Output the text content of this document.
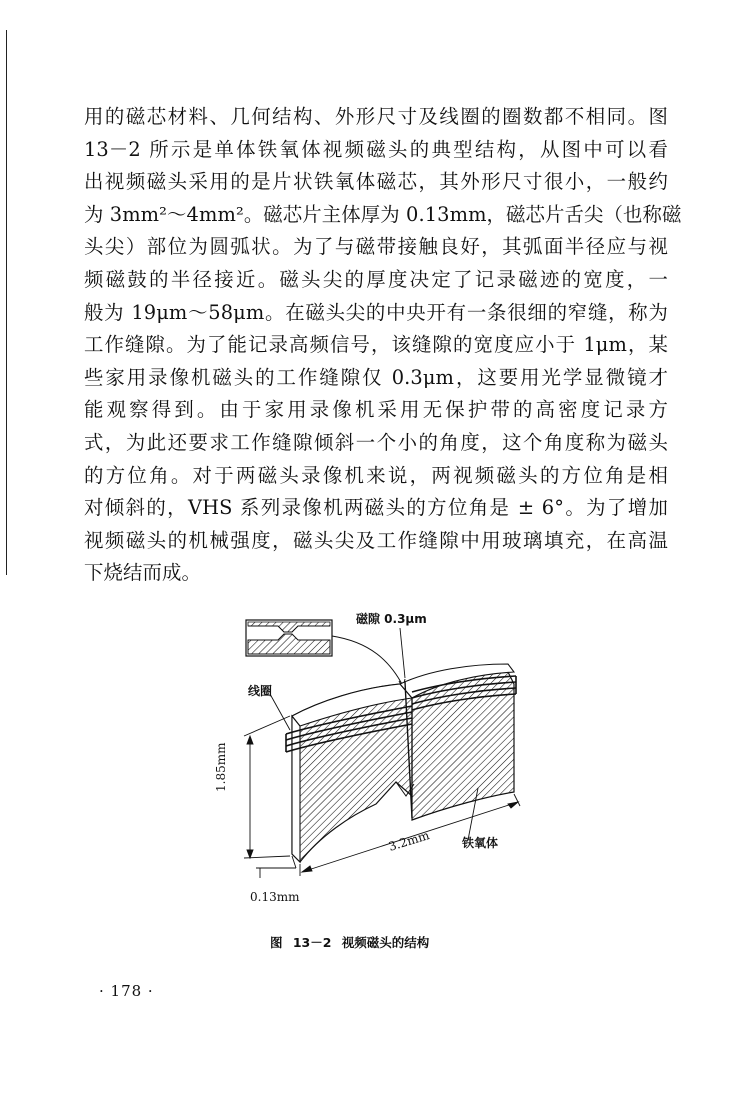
用的磁芯材料、几何结构、外形尺寸及线圈的圈数都不相同。图
13－2 所示是单体铁氧体视频磁头的典型结构，从图中可以看
出视频磁头采用的是片状铁氧体磁芯，其外形尺寸很小，一般约
为 3mm²～4mm²。磁芯片主体厚为 0.13mm，磁芯片舌尖（也称磁
头尖）部位为圆弧状。为了与磁带接触良好，其弧面半径应与视
频磁鼓的半径接近。磁头尖的厚度决定了记录磁迹的宽度，一
般为 19μm～58μm。在磁头尖的中央开有一条很细的窄缝，称为
工作缝隙。为了能记录高频信号，该缝隙的宽度应小于 1μm，某
些家用录像机磁头的工作缝隙仅 0.3μm，这要用光学显微镜才
能观察得到。由于家用录像机采用无保护带的高密度记录方
式，为此还要求工作缝隙倾斜一个小的角度，这个角度称为磁头
的方位角。对于两磁头录像机来说，两视频磁头的方位角是相
对倾斜的，VHS 系列录像机两磁头的方位角是 ± 6°。为了增加
视频磁头的机械强度，磁头尖及工作缝隙中用玻璃填充，在高温
下烧结而成。
磁隙 0.3μm
线圈
1.85mm
3.2mm	铁氧体
0.13mm
图 13－2 视频磁头的结构
· 178 ·
